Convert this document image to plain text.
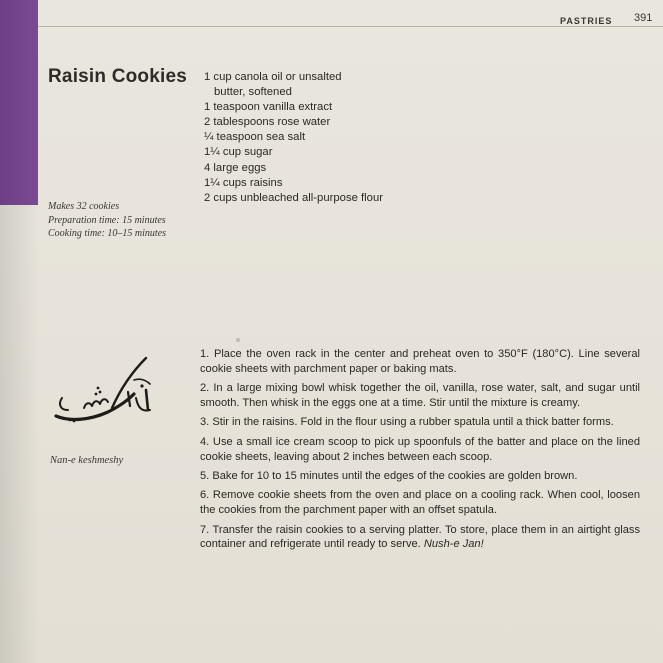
PASTRIES 391
Raisin Cookies 1 cup canola oil or unsalted
butter, softened
1 teaspoon vanilla extract
2 tablespoons rose water
¼ teaspoon sea salt
1¼ cup sugar
4 large eggs
1¼ cups raisins
2 cups unbleached all-purpose flour
Makes 32 cookies
Preparation time: 15 minutes
Cooking time: 10–15 minutes
Nan-e keshmeshy
1. Place the oven rack in the center and preheat oven to 350°F (180°C). Line several cookie sheets with parchment paper or baking mats.
2. In a large mixing bowl whisk together the oil, vanilla, rose water, salt, and sugar until smooth. Then whisk in the eggs one at a time. Stir until the mixture is creamy.
3. Stir in the raisins. Fold in the flour using a rubber spatula until a thick batter forms.
4. Use a small ice cream scoop to pick up spoonfuls of the batter and place on the lined cookie sheets, leaving about 2 inches between each scoop.
5. Bake for 10 to 15 minutes until the edges of the cookies are golden brown.
6. Remove cookie sheets from the oven and place on a cooling rack. When cool, loosen the cookies from the parchment paper with an offset spatula.
7. Transfer the raisin cookies to a serving platter. To store, place them in an airtight glass container and refrigerate until ready to serve. Nush-e Jan!
